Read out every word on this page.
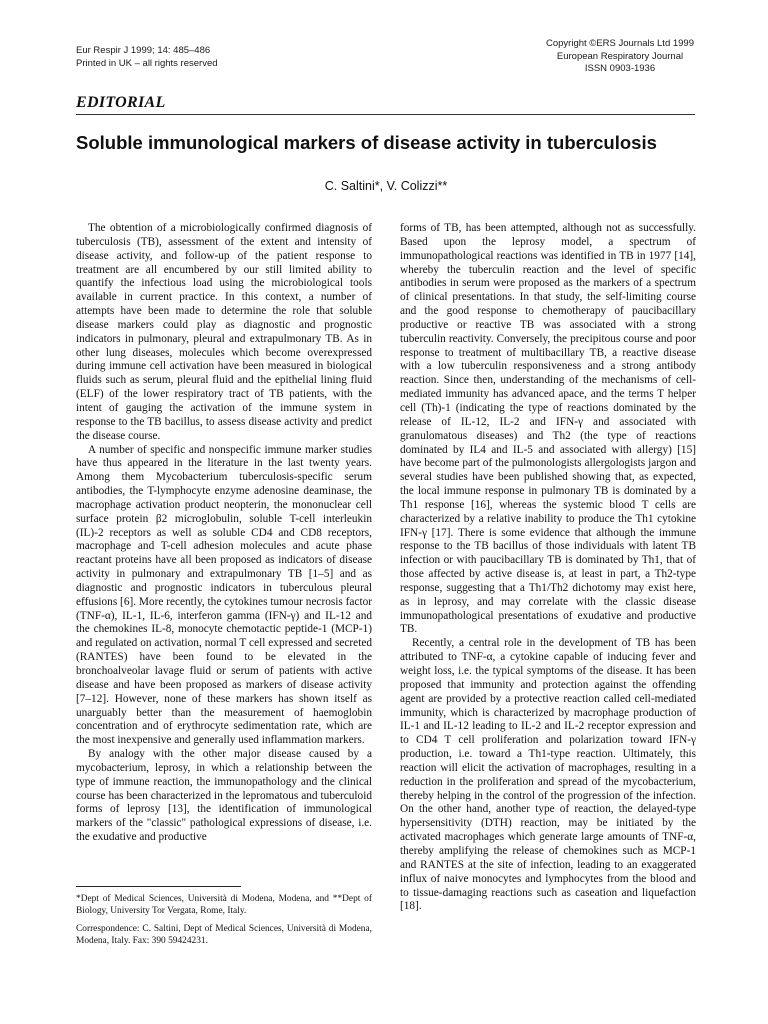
Eur Respir J 1999; 14: 485–486
Printed in UK – all rights reserved
Copyright ©ERS Journals Ltd 1999
European Respiratory Journal
ISSN 0903-1936
EDITORIAL
Soluble immunological markers of disease activity in tuberculosis
C. Saltini*, V. Colizzi**

The obtention of a microbiologically confirmed diagnosis of tuberculosis (TB), assessment of the extent and intensity of disease activity, and follow-up of the patient response to treatment are all encumbered by our still limited ability to quantify the infectious load using the microbiological tools available in current practice. In this context, a number of attempts have been made to determine the role that soluble disease markers could play as diagnostic and prognostic indicators in pulmonary, pleural and extrapulmonary TB. As in other lung diseases, molecules which become overexpressed during immune cell activation have been measured in biological fluids such as serum, pleural fluid and the epithelial lining fluid (ELF) of the lower respiratory tract of TB patients, with the intent of gauging the activation of the immune system in response to the TB bacillus, to assess disease activity and predict the disease course.

A number of specific and nonspecific immune marker studies have thus appeared in the literature in the last twenty years. Among them Mycobacterium tuberculosis-specific serum antibodies, the T-lymphocyte enzyme adenosine deaminase, the macrophage activation product neopterin, the mononuclear cell surface protein β2 microglobulin, soluble T-cell interleukin (IL)-2 receptors as well as soluble CD4 and CD8 receptors, macrophage and T-cell adhesion molecules and acute phase reactant proteins have all been proposed as indicators of disease activity in pulmonary and extrapulmonary TB [1–5] and as diagnostic and prognostic indicators in tuberculous pleural effusions [6]. More recently, the cytokines tumour necrosis factor (TNF-α), IL-1, IL-6, interferon gamma (IFN-γ) and IL-12 and the chemokines IL-8, monocyte chemotactic peptide-1 (MCP-1) and regulated on activation, normal T cell expressed and secreted (RANTES) have been found to be elevated in the bronchoalveolar lavage fluid or serum of patients with active disease and have been proposed as markers of disease activity [7–12]. However, none of these markers has shown itself as unarguably better than the measurement of haemoglobin concentration and of erythrocyte sedimentation rate, which are the most inexpensive and generally used inflammation markers.

By analogy with the other major disease caused by a mycobacterium, leprosy, in which a relationship between the type of immune reaction, the immunopathology and the clinical course has been characterized in the lepromatous and tuberculoid forms of leprosy [13], the identification of immunological markers of the "classic" pathological expressions of disease, i.e. the exudative and productive

*Dept of Medical Sciences, Università di Modena, Modena, and **Dept of Biology, University Tor Vergata, Rome, Italy.

Correspondence: C. Saltini, Dept of Medical Sciences, Università di Modena, Modena, Italy. Fax: 390 59424231.

forms of TB, has been attempted, although not as successfully. Based upon the leprosy model, a spectrum of immunopathological reactions was identified in TB in 1977 [14], whereby the tuberculin reaction and the level of specific antibodies in serum were proposed as the markers of a spectrum of clinical presentations. In that study, the self-limiting course and the good response to chemotherapy of paucibacillary productive or reactive TB was associated with a strong tuberculin reactivity. Conversely, the precipitous course and poor response to treatment of multibacillary TB, a reactive disease with a low tuberculin responsiveness and a strong antibody reaction. Since then, understanding of the mechanisms of cell-mediated immunity has advanced apace, and the terms T helper cell (Th)-1 (indicating the type of reactions dominated by the release of IL-12, IL-2 and IFN-γ and associated with granulomatous diseases) and Th2 (the type of reactions dominated by IL4 and IL-5 and associated with allergy) [15] have become part of the pulmonologists allergologists jargon and several studies have been published showing that, as expected, the local immune response in pulmonary TB is dominated by a Th1 response [16], whereas the systemic blood T cells are characterized by a relative inability to produce the Th1 cytokine IFN-γ [17]. There is some evidence that although the immune response to the TB bacillus of those individuals with latent TB infection or with paucibacillary TB is dominated by Th1, that of those affected by active disease is, at least in part, a Th2-type response, suggesting that a Th1/Th2 dichotomy may exist here, as in leprosy, and may correlate with the classic disease immunopathological presentations of exudative and productive TB.

Recently, a central role in the development of TB has been attributed to TNF-α, a cytokine capable of inducing fever and weight loss, i.e. the typical symptoms of the disease. It has been proposed that immunity and protection against the offending agent are provided by a protective reaction called cell-mediated immunity, which is characterized by macrophage production of IL-1 and IL-12 leading to IL-2 and IL-2 receptor expression and to CD4 T cell proliferation and polarization toward IFN-γ production, i.e. toward a Th1-type reaction. Ultimately, this reaction will elicit the activation of macrophages, resulting in a reduction in the proliferation and spread of the mycobacterium, thereby helping in the control of the progression of the infection. On the other hand, another type of reaction, the delayed-type hypersensitivity (DTH) reaction, may be initiated by the activated macrophages which generate large amounts of TNF-α, thereby amplifying the release of chemokines such as MCP-1 and RANTES at the site of infection, leading to an exaggerated influx of naive monocytes and lymphocytes from the blood and to tissue-damaging reactions such as caseation and liquefaction [18].
